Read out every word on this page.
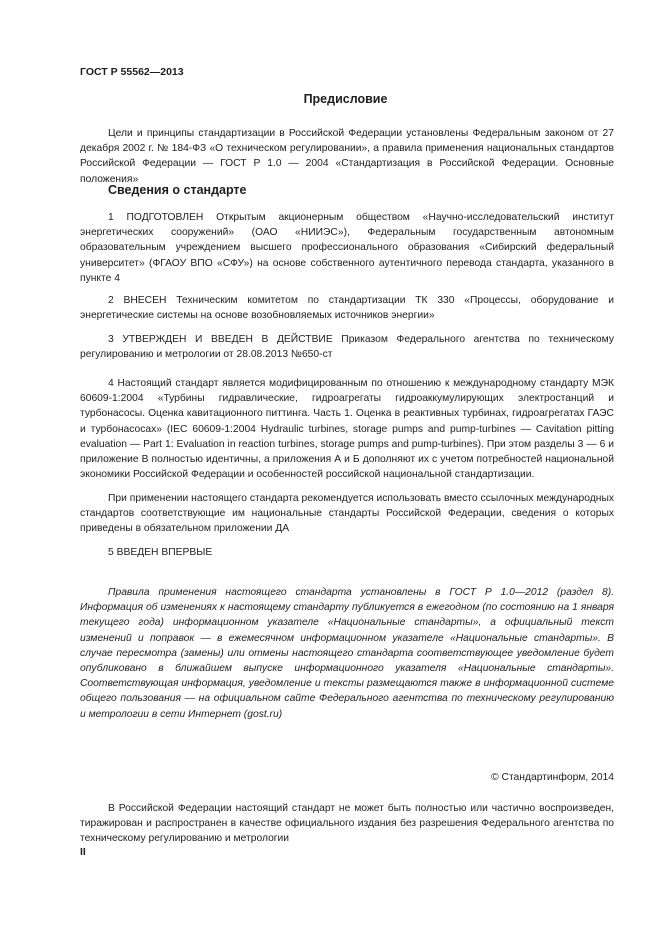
ГОСТ Р 55562—2013
Предисловие

Цели и принципы стандартизации в Российской Федерации установлены Федеральным законом от 27 декабря 2002 г. № 184-ФЗ «О техническом регулировании», а правила применения национальных стандартов Российской Федерации — ГОСТ Р 1.0 — 2004 «Стандартизация в Российской Федерации. Основные положения»

Сведения о стандарте

1 ПОДГОТОВЛЕН Открытым акционерным обществом «Научно-исследовательский институт энергетических сооружений» (ОАО «НИИЭС»), Федеральным государственным автономным образовательным учреждением высшего профессионального образования «Сибирский федеральный университет» (ФГАОУ ВПО «СФУ») на основе собственного аутентичного перевода стандарта, указанного в пункте 4

2 ВНЕСЕН Техническим комитетом по стандартизации ТК 330 «Процессы, оборудование и энергетические системы на основе возобновляемых источников энергии»

3 УТВЕРЖДЕН И ВВЕДЕН В ДЕЙСТВИЕ Приказом Федерального агентства по техническому регулированию и метрологии от 28.08.2013 №650-ст

4 Настоящий стандарт является модифицированным по отношению к международному стандарту МЭК 60609-1:2004 «Турбины гидравлические, гидроагрегаты гидроаккумулирующих электростанций и турбонасосы. Оценка кавитационного питтинга. Часть 1. Оценка в реактивных турбинах, гидроагрегатах ГАЭС и турбонасосах» (IEC 60609-1:2004 Hydraulic turbines, storage pumps and pump-turbines — Cavitation pitting evaluation — Part 1: Evaluation in reaction turbines, storage pumps and pump-turbines). При этом разделы 3 — 6 и приложение В полностью идентичны, а приложения А и Б дополняют их с учетом потребностей национальной экономики Российской Федерации и особенностей российской национальной стандартизации.

При применении настоящего стандарта рекомендуется использовать вместо ссылочных международных стандартов соответствующие им национальные стандарты Российской Федерации, сведения о которых приведены в обязательном приложении ДА

5 ВВЕДЕН ВПЕРВЫЕ

Правила применения настоящего стандарта установлены в ГОСТ Р 1.0—2012 (раздел 8). Информация об изменениях к настоящему стандарту публикуется в ежегодном (по состоянию на 1 января текущего года) информационном указателе «Национальные стандарты», а официальный текст изменений и поправок — в ежемесячном информационном указателе «Национальные стандарты». В случае пересмотра (замены) или отмены настоящего стандарта соответствующее уведомление будет опубликовано в ближайшем выпуске информационного указателя «Национальные стандарты». Соответствующая информация, уведомление и тексты размещаются также в информационной системе общего пользования — на официальном сайте Федерального агентства по техническому регулированию и метрологии в сети Интернет (gost.ru)

© Стандартинформ, 2014

В Российской Федерации настоящий стандарт не может быть полностью или частично воспроизведен, тиражирован и распространен в качестве официального издания без разрешения Федерального агентства по техническому регулированию и метрологии

II
